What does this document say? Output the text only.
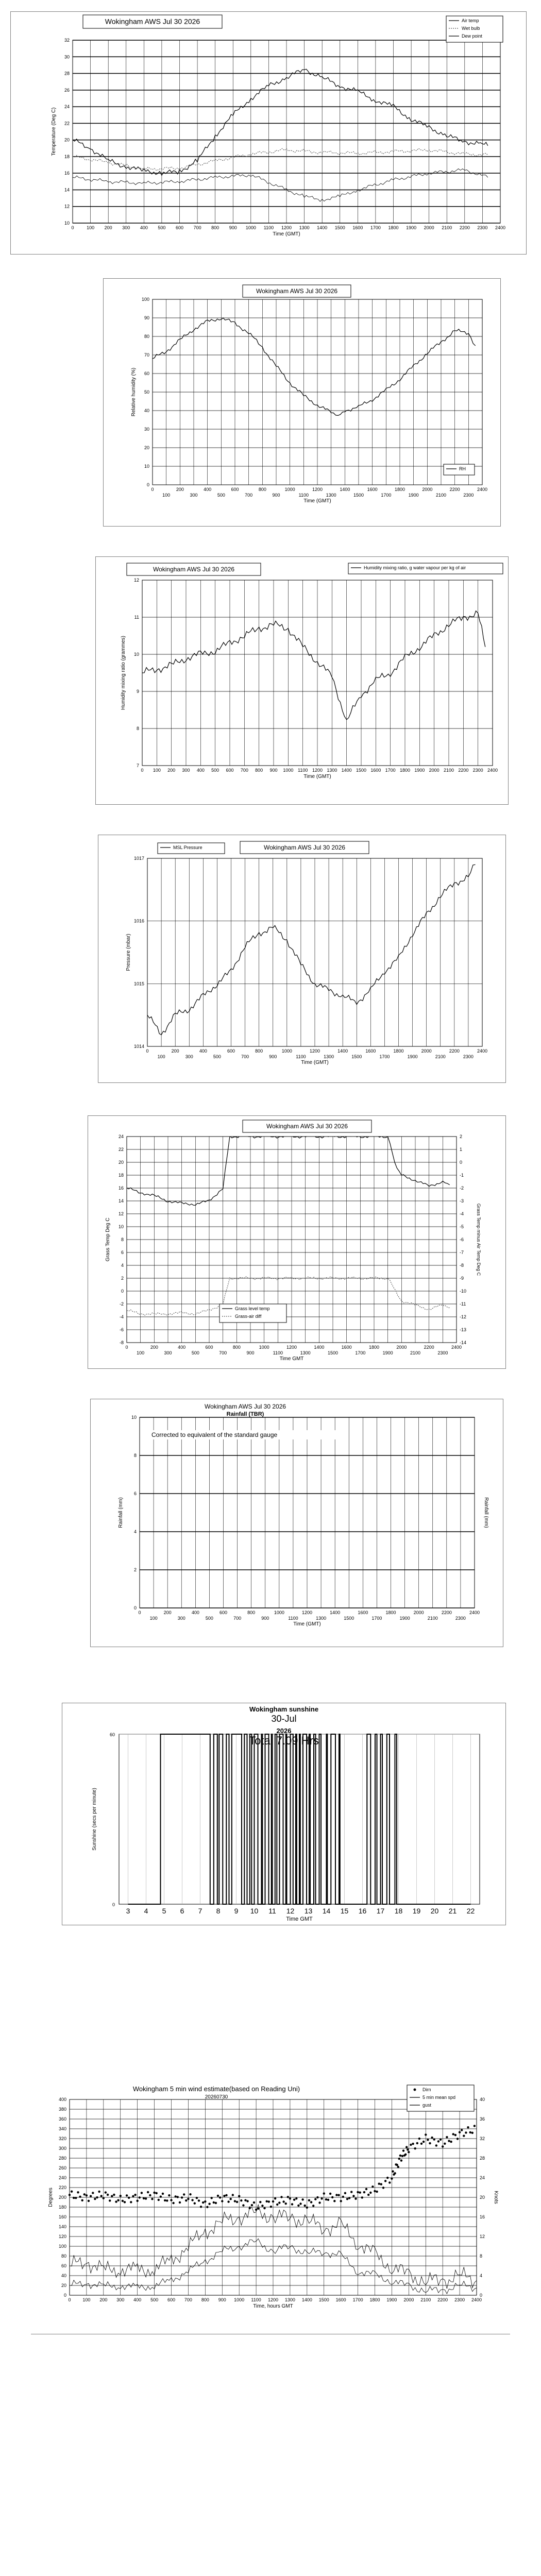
10
12
14
16
18
20
22
24
26
28
30
32
0	100 200 300 400 500 600 700 800 900 1000 1100 1200 1300 1400 1500 1600 1700 1800 1900 2000 2100 2200 2300 2400
Time (GMT)
Temperature (Deg C)
Wokingham AWS Jul 30 2026	Air temp
Wet bulb
Dew point
0
10
20
30
40
50
60
70
80
90
100
0	200	400	600	800	1000	1200	1400	1600	1800	2000	2200	2400
100	300	500	700	900	1100	1300	1500	1700	1900	2100	2300
Time (GMT)
Relative humidity (%)
Wokingham AWS Jul 30 2026
RH
7
8
9
10
11
12
0 100 200 300 400 500 600 700 800 900 1000 1100 1200 1300 1400 1500 1600 1700 1800 1900 2000 2100 2200 2300 2400
Time (GMT)
Humidity mixing ratio (grammes)
Wokingham AWS Jul 30 2026	Humidity mixing ratio, g water vapour per kg of air
1014
1015
1016
1017
0	200	400	600	800	1000	1200	1400	1600	1800	2000	2200	2400
100	300	500	700	900	1100	1300	1500	1700	1900	2100	2300
Time (GMT)
Pressure (mbar)
MSL Pressure	Wokingham AWS Jul 30 2026
-8
-6
-4
-2
0
2
4
6
8
10
12
14
16
18
20
22
24
0	200	400	600	800	1000	1200	1400	1600	1800	2000	2200	2400
100	300	500	700	900	1100	1300	1500	1700	1900	2100	2300
Time GMT
Grass Temp Deg C
-14
-13
-12
-11
-10
-9
-8
-7
-6
-5
-4
-3
-2
-1
0
1
2
Grass Temp minus Air Temp Deg C
Wokingham AWS Jul 30 2026
Grass level temp
Grass-air diff
0
2
4
6
8
10
0	200	400	600	800	1000	1200	1400	1600	1800	2000	2200	2400
100	300	500	700	900	1100	1300	1500	1700	1900	2100	2300
Time (GMT)
Rainfall (mm)	Rainfall (mm)
Wokingham AWS Jul 30 2026
Rainfall (TBR)
Corrected to equivalent of the standard gauge
3 4 5 6 7 8 9 10 11 12 13 14 15 16 17 18 19 20 21 22
0
60
Sunshine (secs per minute)
Time GMT
Wokingham sunshine
30-Jul
2026
Total 7.09 Hrs
0
20
40
60
80
100
120
140
160
180
200
220
240
260
280
300
320
340
360
380
400
0	100 200 300 400 500 600 700 800 900 1000 1100 1200 1300 1400 1500 1600 1700 1800 1900 2000 2100 2200 2300 2400
Time, hours GMT
Degrees
0
4
8
12
16
20
24
28
32
36
40
Knots
Wokingham 5 min wind estimate(based on Reading Uni)
20260730
Dirn
5 min mean spd
gust
